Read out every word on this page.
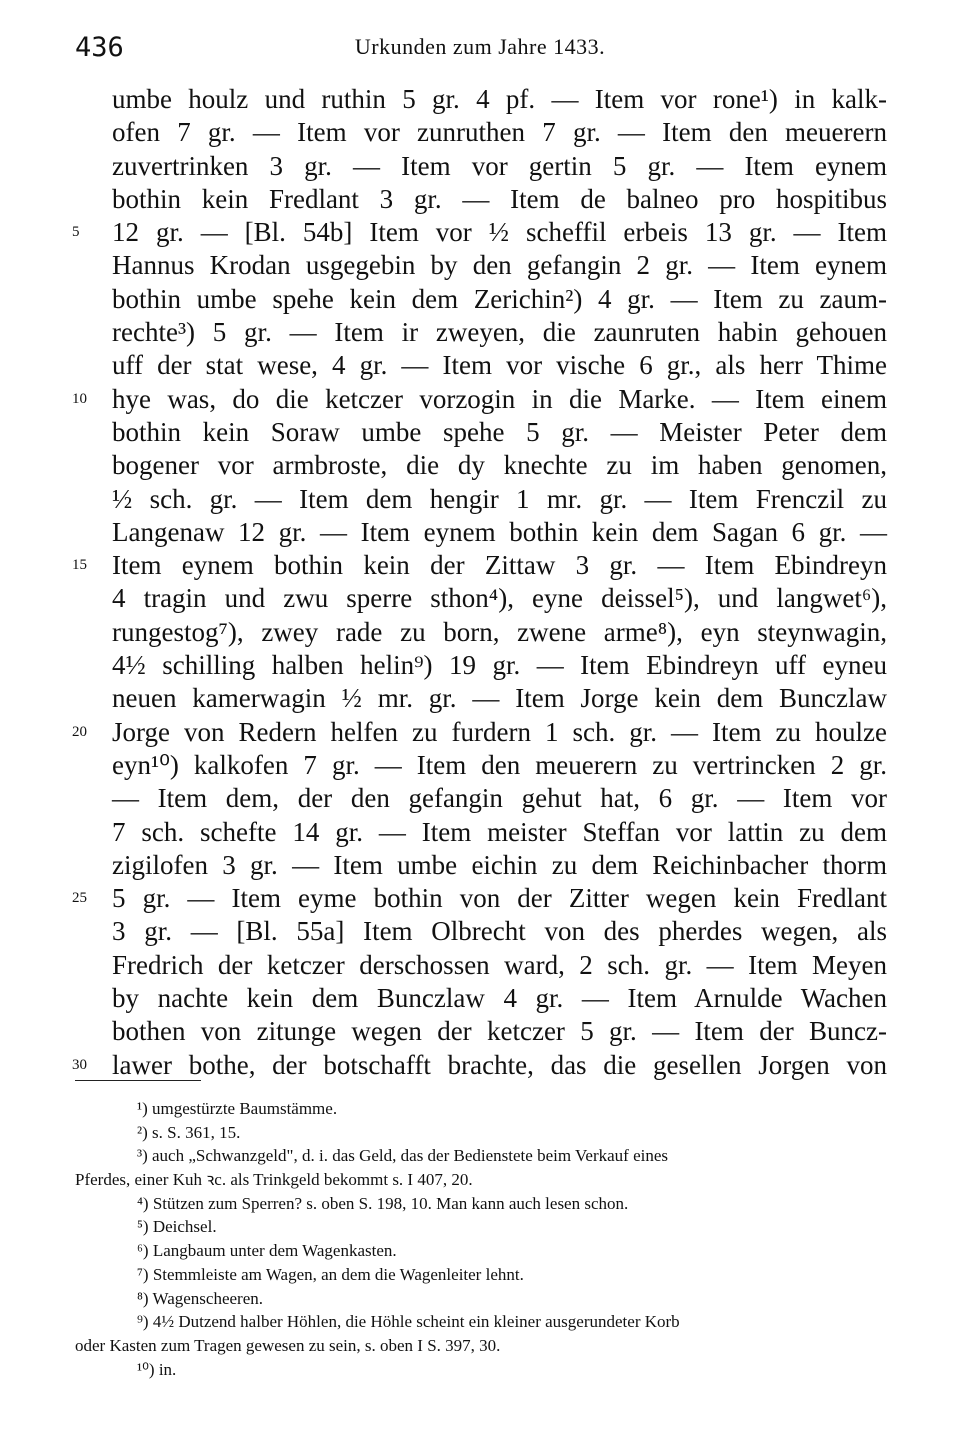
436	Urkunden zum Jahre 1433.
umbe houlz und ruthin 5 gr. 4 pf. — Item vor rone¹) in kalk-
ofen 7 gr. — Item vor zunruthen 7 gr. — Item den meuerern
zuvertrinken 3 gr. — Item vor gertin 5 gr. — Item eynem
bothin kein Fredlant 3 gr. — Item de balneo pro hospitibus
5 12 gr. — [Bl. 54b] Item vor ½ scheffil erbeis 13 gr. — Item
Hannus Krodan usgegebin by den gefangin 2 gr. — Item eynem
bothin umbe spehe kein dem Zerichin²) 4 gr. — Item zu zaum-
rechte³) 5 gr. — Item ir zweyen, die zaunruten habin gehouen
uff der stat wese, 4 gr. — Item vor vische 6 gr., als herr Thime
10 hye was, do die ketczer vorzogin in die Marke. — Item einem
bothin kein Soraw umbe spehe 5 gr. — Meister Peter dem
bogener vor armbroste, die dy knechte zu im haben genomen,
½ sch. gr. — Item dem hengir 1 mr. gr. — Item Frenczil zu
Langenaw 12 gr. — Item eynem bothin kein dem Sagan 6 gr. —
15 Item eynem bothin kein der Zittaw 3 gr. — Item Ebindreyn
4 tragin und zwu sperre sthon⁴), eyne deissel⁵), und langwet⁶),
rungestog⁷), zwey rade zu born, zwene arme⁸), eyn steynwagin,
4½ schilling halben helin⁹) 19 gr. — Item Ebindreyn uff eyneu
neuen kamerwagin ½ mr. gr. — Item Jorge kein dem Bunczlaw
20 Jorge von Redern helfen zu furdern 1 sch. gr. — Item zu houlze
eyn¹⁰) kalkofen 7 gr. — Item den meuerern zu vertrincken 2 gr.
— Item dem, der den gefangin gehut hat, 6 gr. — Item vor
7 sch. schefte 14 gr. — Item meister Steffan vor lattin zu dem
zigilofen 3 gr. — Item umbe eichin zu dem Reichinbacher thorm
25 5 gr. — Item eyme bothin von der Zitter wegen kein Fredlant
3 gr. — [Bl. 55a] Item Olbrecht von des pherdes wegen, als
Fredrich der ketczer derschossen ward, 2 sch. gr. — Item Meyen
by nachte kein dem Bunczlaw 4 gr. — Item Arnulde Wachen
bothen von zitunge wegen der ketczer 5 gr. — Item der Buncz-
30 lawer bothe, der botschafft brachte, das die gesellen Jorgen von
¹) umgestürzte Baumstämme.
²) s. S. 361, 15.
³) auch „Schwanzgeld", d. i. das Geld, das der Bedienstete beim Verkauf eines
Pferdes, einer Kuh ꝛc. als Trinkgeld bekommt s. I 407, 20.
⁴) Stützen zum Sperren? s. oben S. 198, 10. Man kann auch lesen schon.
⁵) Deichsel.
⁶) Langbaum unter dem Wagenkasten.
⁷) Stemmleiste am Wagen, an dem die Wagenleiter lehnt.
⁸) Wagenscheeren.
⁹) 4½ Dutzend halber Höhlen, die Höhle scheint ein kleiner ausgerundeter Korb
oder Kasten zum Tragen gewesen zu sein, s. oben I S. 397, 30.
¹⁰) in.
